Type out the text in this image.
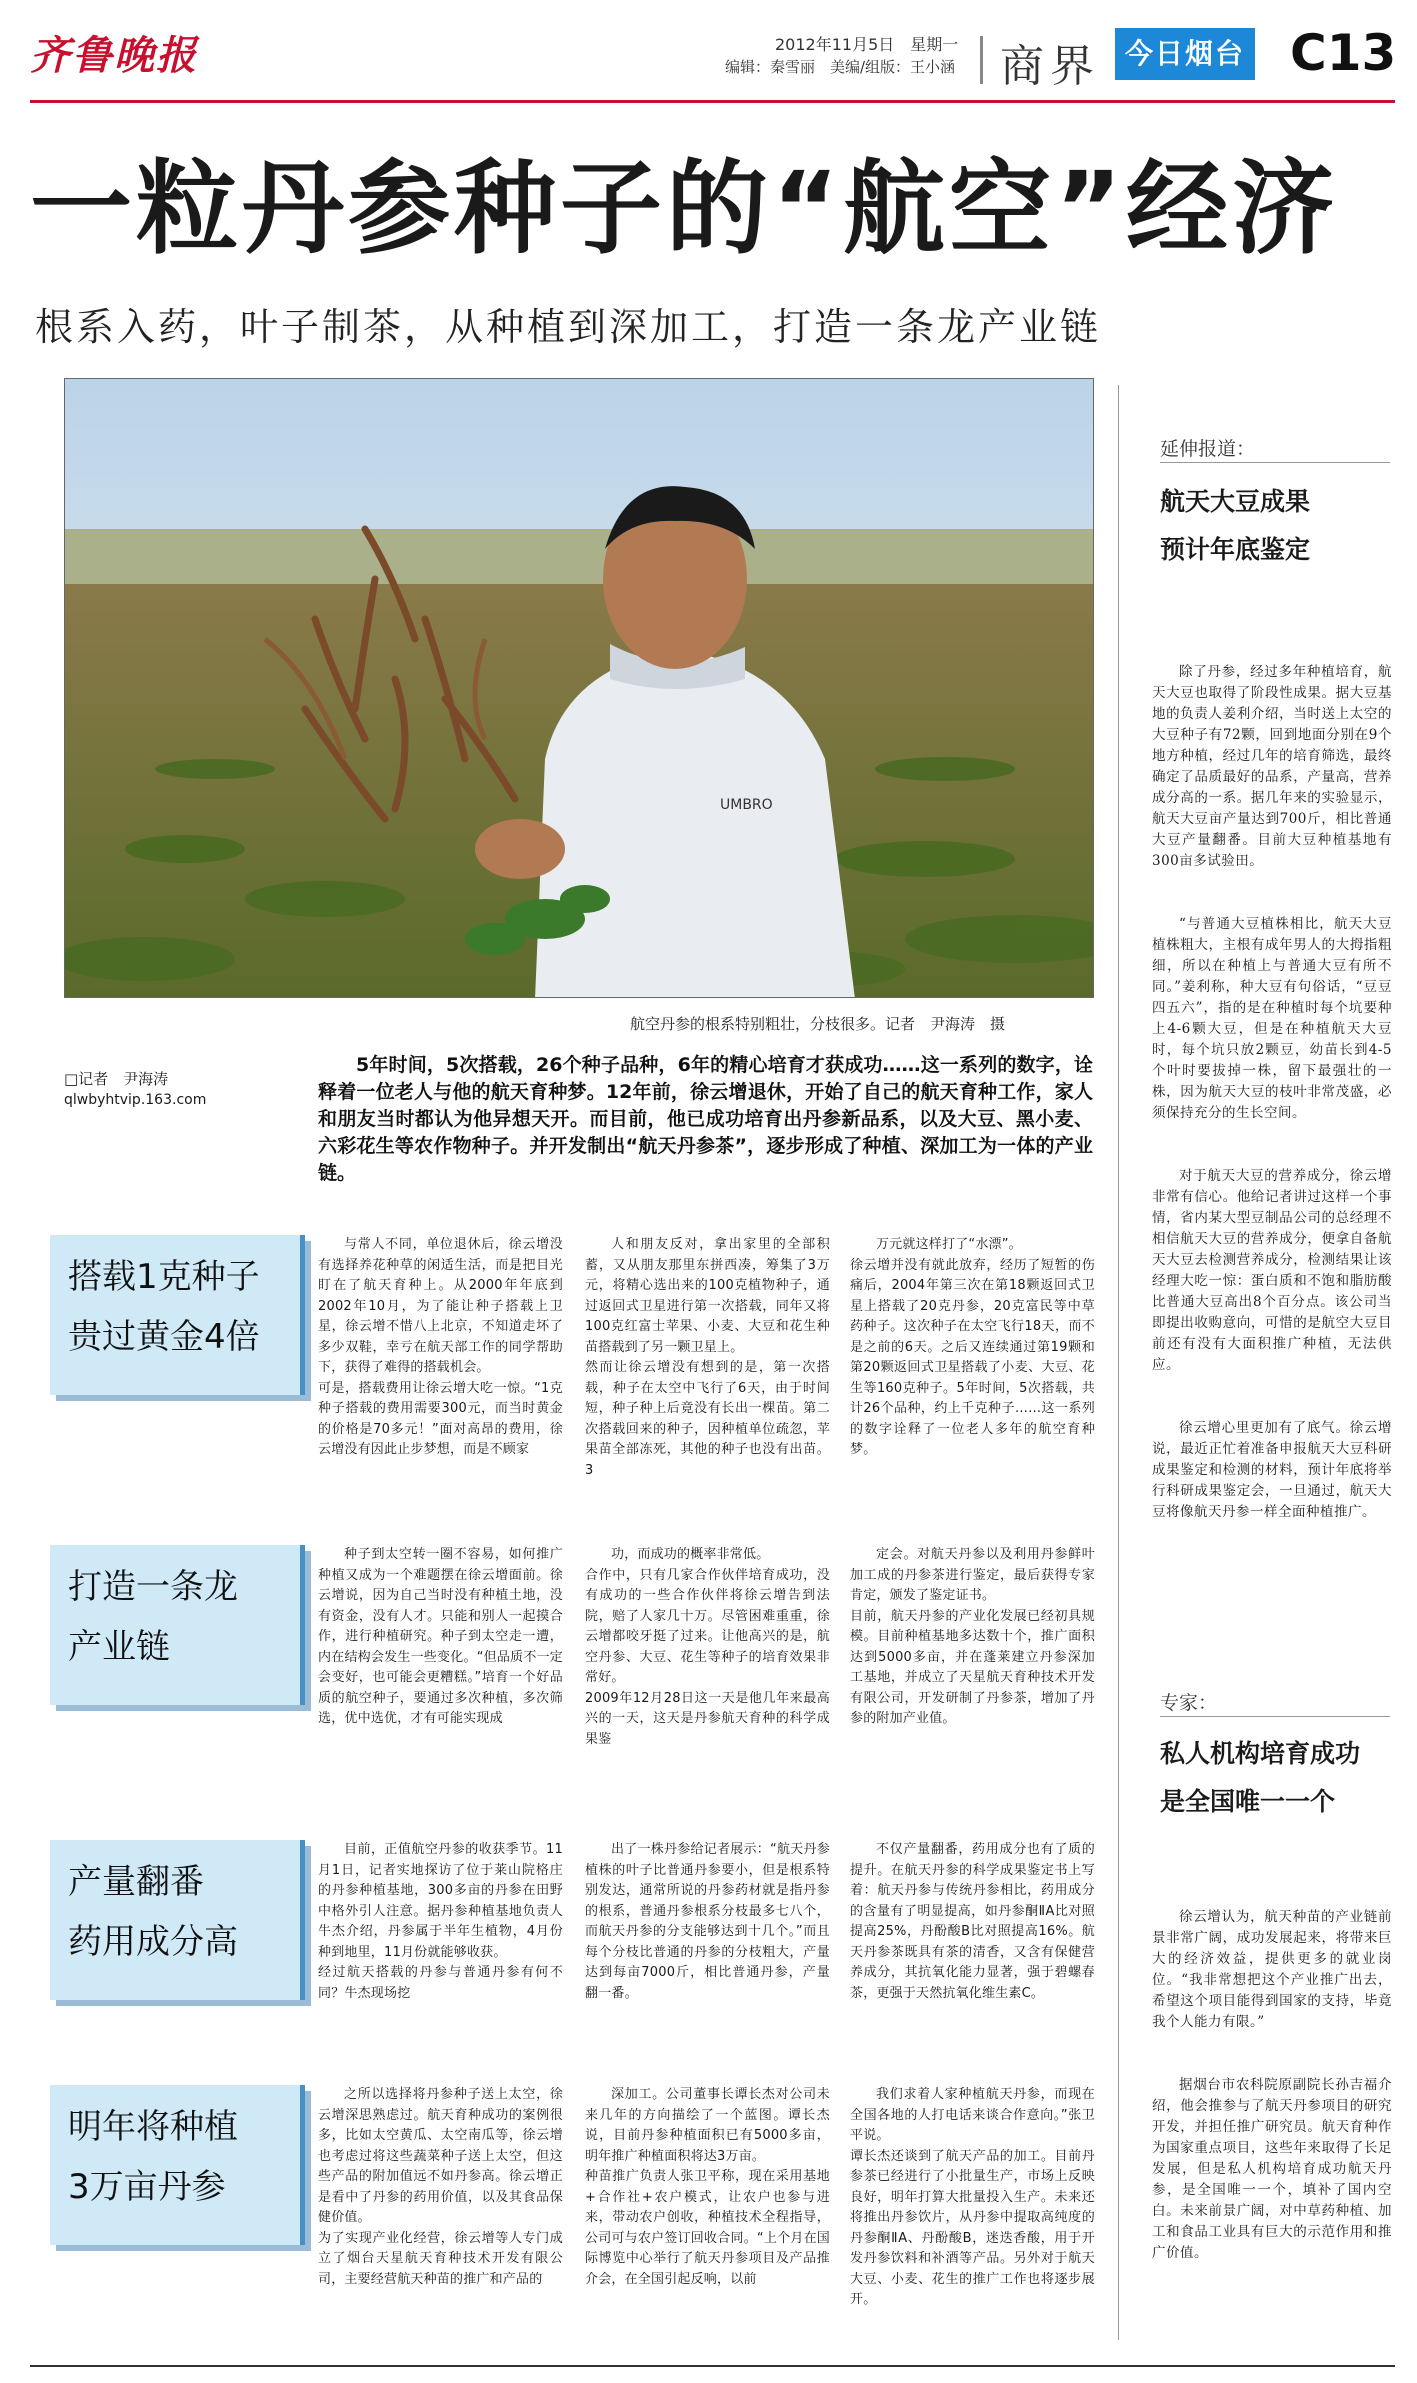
齐鲁晚报	2012年11月5日　星期一
编辑：秦雪丽　美编/组版：王小涵 商界 今日烟台 C13
一粒丹参种子的“航空”经济
根系入药，叶子制茶，从种植到深加工，打造一条龙产业链
UMBRO
航空丹参的根系特别粗壮，分枝很多。记者　尹海涛　摄
□记者　尹海涛
qlwbyhtvip.163.com
5年时间，5次搭载，26个种子品种，6年的精心培育才获成功……这一系列的数字，诠释着一位老人与他的航天育种梦。12年前，徐云增退休，开始了自己的航天育种工作，家人和朋友当时都认为他异想天开。而目前，他已成功培育出丹参新品系，以及大豆、黑小麦、六彩花生等农作物种子。并开发制出“航天丹参茶”，逐步形成了种植、深加工为一体的产业链。
搭载1克种子
贵过黄金4倍
与常人不同，单位退休后，徐云增没有选择养花种草的闲适生活，而是把目光盯在了航天育种上。从2000年年底到2002年10月，为了能让种子搭载上卫星，徐云增不惜八上北京，不知道走坏了多少双鞋，幸亏在航天部工作的同学帮助下，获得了难得的搭载机会。
可是，搭载费用让徐云增大吃一惊。“1克种子搭载的费用需要300元，而当时黄金的价格是70多元！”面对高昂的费用，徐云增没有因此止步梦想，而是不顾家
人和朋友反对，拿出家里的全部积蓄，又从朋友那里东拼西凑，筹集了3万元，将精心选出来的100克植物种子，通过返回式卫星进行第一次搭载，同年又将100克红富士苹果、小麦、大豆和花生种苗搭载到了另一颗卫星上。
然而让徐云增没有想到的是，第一次搭载，种子在太空中飞行了6天，由于时间短，种子种上后竟没有长出一棵苗。第二次搭载回来的种子，因种植单位疏忽，苹果苗全部冻死，其他的种子也没有出苗。3
万元就这样打了“水漂”。
徐云增并没有就此放弃，经历了短暂的伤痛后，2004年第三次在第18颗返回式卫星上搭载了20克丹参，20克富民等中草药种子。这次种子在太空飞行18天，而不是之前的6天。之后又连续通过第19颗和第20颗返回式卫星搭载了小麦、大豆、花生等160克种子。5年时间，5次搭载，共计26个品种，约上千克种子……这一系列的数字诠释了一位老人多年的航空育种梦。
打造一条龙
产业链
种子到太空转一圈不容易，如何推广种植又成为一个难题摆在徐云增面前。徐云增说，因为自己当时没有种植土地，没有资金，没有人才。只能和别人一起摸合作，进行种植研究。种子到太空走一遭，内在结构会发生一些变化。“但品质不一定会变好，也可能会更糟糕。”培育一个好品质的航空种子，要通过多次种植，多次筛选，优中选优，才有可能实现成
功，而成功的概率非常低。
合作中，只有几家合作伙伴培育成功，没有成功的一些合作伙伴将徐云增告到法院，赔了人家几十万。尽管困难重重，徐云增都咬牙挺了过来。让他高兴的是，航空丹参、大豆、花生等种子的培育效果非常好。
2009年12月28日这一天是他几年来最高兴的一天，这天是丹参航天育种的科学成果鉴
定会。对航天丹参以及利用丹参鲜叶加工成的丹参茶进行鉴定，最后获得专家肯定，颁发了鉴定证书。
目前，航天丹参的产业化发展已经初具规模。目前种植基地多达数十个，推广面积达到5000多亩，并在蓬莱建立丹参深加工基地，并成立了天星航天育种技术开发有限公司，开发研制了丹参茶，增加了丹参的附加产业值。
产量翻番
药用成分高
目前，正值航空丹参的收获季节。11月1日，记者实地探访了位于莱山院格庄的丹参种植基地，300多亩的丹参在田野中格外引人注意。据丹参种植基地负责人牛杰介绍，丹参属于半年生植物，4月份种到地里，11月份就能够收获。
经过航天搭载的丹参与普通丹参有何不同？牛杰现场挖
出了一株丹参给记者展示：“航天丹参植株的叶子比普通丹参要小，但是根系特别发达，通常所说的丹参药材就是指丹参的根系，普通丹参根系分枝最多七八个，而航天丹参的分支能够达到十几个。”而且每个分枝比普通的丹参的分枝粗大，产量达到每亩7000斤，相比普通丹参，产量翻一番。
不仅产量翻番，药用成分也有了质的提升。在航天丹参的科学成果鉴定书上写着：航天丹参与传统丹参相比，药用成分的含量有了明显提高，如丹参酮ⅡA比对照提高25%，丹酚酸B比对照提高16%。航天丹参茶既具有茶的清香，又含有保健营养成分，其抗氧化能力显著，强于碧螺春茶，更强于天然抗氧化维生素C。
明年将种植
3万亩丹参
之所以选择将丹参种子送上太空，徐云增深思熟虑过。航天育种成功的案例很多，比如太空黄瓜、太空南瓜等，徐云增也考虑过将这些蔬菜种子送上太空，但这些产品的附加值远不如丹参高。徐云增正是看中了丹参的药用价值，以及其食品保健价值。
为了实现产业化经营，徐云增等人专门成立了烟台天星航天育种技术开发有限公司，主要经营航天种苗的推广和产品的
深加工。公司董事长谭长杰对公司未来几年的方向描绘了一个蓝图。谭长杰说，目前丹参种植面积已有5000多亩，明年推广种植面积将达3万亩。
种苗推广负责人张卫平称，现在采用基地+合作社+农户模式，让农户也参与进来，带动农户创收，种植技术全程指导，公司可与农户签订回收合同。“上个月在国际博览中心举行了航天丹参项目及产品推介会，在全国引起反响，以前
我们求着人家种植航天丹参，而现在全国各地的人打电话来谈合作意向。”张卫平说。
谭长杰还谈到了航天产品的加工。目前丹参茶已经进行了小批量生产，市场上反映良好，明年打算大批量投入生产。未来还将推出丹参饮片，从丹参中提取高纯度的丹参酮ⅡA、丹酚酸B，迷迭香酸，用于开发丹参饮料和补酒等产品。另外对于航天大豆、小麦、花生的推广工作也将逐步展开。
延伸报道：
航天大豆成果
预计年底鉴定

除了丹参，经过多年种植培育，航天大豆也取得了阶段性成果。据大豆基地的负责人姜利介绍，当时送上太空的大豆种子有72颗，回到地面分别在9个地方种植，经过几年的培育筛选，最终确定了品质最好的品系，产量高，营养成分高的一系。据几年来的实验显示，航天大豆亩产量达到700斤，相比普通大豆产量翻番。目前大豆种植基地有300亩多试验田。

“与普通大豆植株相比，航天大豆植株粗大，主根有成年男人的大拇指粗细，所以在种植上与普通大豆有所不同。”姜利称，种大豆有句俗话，“豆豆四五六”，指的是在种植时每个坑要种上4-6颗大豆，但是在种植航天大豆时，每个坑只放2颗豆，幼苗长到4-5个叶时要拔掉一株，留下最强壮的一株，因为航天大豆的枝叶非常茂盛，必须保持充分的生长空间。

对于航天大豆的营养成分，徐云增非常有信心。他给记者讲过这样一个事情，省内某大型豆制品公司的总经理不相信航天大豆的营养成分，便拿自备航天大豆去检测营养成分，检测结果让该经理大吃一惊：蛋白质和不饱和脂肪酸比普通大豆高出8个百分点。该公司当即提出收购意向，可惜的是航空大豆目前还有没有大面积推广种植，无法供应。

徐云增心里更加有了底气。徐云增说，最近正忙着准备申报航天大豆科研成果鉴定和检测的材料，预计年底将举行科研成果鉴定会，一旦通过，航天大豆将像航天丹参一样全面种植推广。

专家：
私人机构培育成功
是全国唯一一个

徐云增认为，航天种苗的产业链前景非常广阔，成功发展起来，将带来巨大的经济效益，提供更多的就业岗位。“我非常想把这个产业推广出去，希望这个项目能得到国家的支持，毕竟我个人能力有限。”

据烟台市农科院原副院长孙吉福介绍，他会推参与了航天丹参项目的研究开发，并担任推广研究员。航天育种作为国家重点项目，这些年来取得了长足发展，但是私人机构培育成功航天丹参，是全国唯一一个，填补了国内空白。未来前景广阔，对中草药种植、加工和食品工业具有巨大的示范作用和推广价值。
